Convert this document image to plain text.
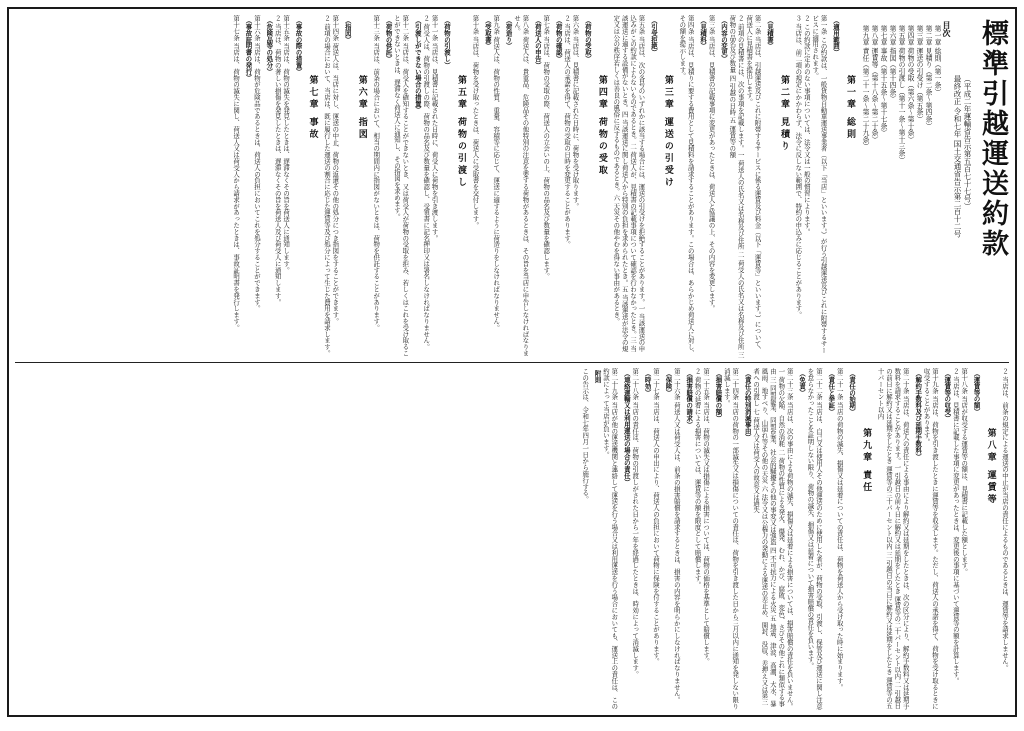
標準引越運送約款
（平成二年運輸省告示第五百七十七号）
最終改正 令和七年 国土交通省告示第二百十二号
目次
第一章 総則（第一条）
第二章 見積り（第二条～第四条）
第三章 運送の引受け（第五条）
第四章 荷物の受取（第六条～第十条）
第五章 荷物の引渡し（第十一条～第十三条）
第六章 指図（第十四条）
第七章 事故（第十五条～第十七条）
第八章 運賃等（第十八条～第二十条）
第九章 責任（第二十一条～第二十九条）
第一章 総則
（適用範囲）
第一条 この約款は、一般貨物自動車運送事業者（以下「当店」といいます。）が行う引越運送及びこれに附帯するサービスに適用されます。
２ この約款に定めのない事項については、法令又は一般の慣習によります。
３ 当店は、前二項の規定にかかわらず、法令に反しない範囲で、特約の申込みに応じることがあります。
第二章 見積り
（見積書）
第二条 当店は、引越運送及びこれに附帯するサービスに係る運賃及び料金（以下「運賃等」といいます。）について、荷送人に見積書を提出します。
２ 前項の見積書には、次の事項を記載します。一 荷送人の氏名又は名称及び住所 二 荷受人の氏名又は名称及び住所 三 荷物の品名及び数量 四 引越の日時 五 運賃等の額
（内容の変更）
第三条 当店は、見積書の記載事項に変更があったときは、荷送人と協議の上、その内容を変更します。
（見積料）
第四条 当店は、見積りに要する費用として見積料を請求することがあります。この場合は、あらかじめ荷送人に対し、その額を提示します。
第三章 運送の引受け
（引受拒絶）
第五条 当店は、次の各号のいずれかに該当する場合には、運送の引受けを拒絶することがあります。一 当該運送の申込みがこの約款によらないものであるとき。二 荷送人が、見積書の記載事項について確認を行わなかったとき。三 当該運送に適する設備がないとき。四 当該運送に関し荷送人から特別の負担を求められたとき。五 当該運送が法令の規定又は公の秩序若しくは善良の風俗に反するものであるとき。六 天災その他やむを得ない事由があるとき。
第四章 荷物の受取
（荷物の受取）
第六条 当店は、見積書に記載された日時に、荷物を受け取ります。
２ 当店は、荷送人の承諾を得て、荷物の受取の日時を変更することがあります。
（荷物の確認）
第七条 当店は、荷物の受取の際、荷送人の立会いの上、荷物の品名及び数量を確認します。
（荷送人の申告）
第八条 荷送人は、貴重品、危険品その他特別の注意を要する荷物があるときは、その旨を当店に申告しなければなりません。
（荷造り）
第九条 荷送人は、荷物の性質、重量、容積等に応じて、運送に適するように荷造りをしなければなりません。
（受取書）
第十条 当店は、荷物を受け取ったときは、荷送人に受取書を交付します。
第五章 荷物の引渡し
（荷物の引渡し）
第十一条 当店は、見積書に記載された日時に、荷受人に荷物を引き渡します。
２ 荷受人は、荷物の引渡しの際、荷物の品名及び数量を確認し、受領書に記名押印又は署名しなければなりません。
（引渡しができない場合の措置）
第十二条 当店は、荷受人を確知することができないとき、又は荷受人が荷物の受取を拒み、若しくはこれを受け取ることができないときは、遅滞なく荷送人に通知し、その指図を求めます。
（荷物の供託）
第十三条 当店は、前条の場合において、相当の期間内に指図がないときは、荷物を供託することがあります。
第六章 指図
（指図）
第十四条 荷送人は、当店に対し、運送の中止、荷物の返還その他の処分につき指図をすることができます。
２ 前項の場合において、当店は、既に履行した運送の割合に応じた運賃等及び処分によって生じた費用を請求します。
第七章 事故
（事故の際の措置）
第十五条 当店は、荷物の滅失を発見したときは、遅滞なくその旨を荷送人に通知します。
２ 当店は、荷物の著しい損傷を発見したときは、遅滞なくその旨を荷送人及び荷受人に通知します。
（危険品等の処分）
第十六条 当店は、荷物が危険品であるときは、荷送人の負担においてこれを処分することができます。
（事故証明書の発行）
第十七条 当店は、荷物の滅失に関し、荷送人又は荷受人から請求があったときは、事故証明書を発行します。
２ 当店は、前条の規定による運送の中止が当店の責任によるものであるときは、運賃等を請求しません。
第八章 運賃等
（運賃等の額）
第十八条 当店が収受する運賃等の額は、見積書に記載した額とします。
２ 当店は、見積書に記載した事項に変更があったときは、変更後の事項に基づいて運賃等の額を計算します。
（運賃等の収受）
第十九条 当店は、荷物を引き渡したときに運賃等を収受します。ただし、荷送人の承諾を得て、荷物を受け取るときに収受することがあります。
（解約手数料及び延期手数料）
第二十条 当店は、荷送人の責任による事由により解約又は延期をしたときは、次の区分により、解約手数料又は延期手数料を請求することがあります。一 引越日の前々日に解約又は延期をしたとき 運賃等の二十パーセント以内 二 引越日の前日に解約又は延期をしたとき 運賃等の三十パーセント以内 三 引越日の当日に解約又は延期をしたとき 運賃等の五十パーセント以内
第九章 責任
（責任の始期）
第二十一条 当店の荷物の滅失、損傷又は延着についての責任は、荷物を荷送人から受け取った時に始まります。
（責任と挙証）
第二十二条 当店は、自己又は使用人その他運送のために使用した者が、荷物の受取、引渡し、保管及び運送に関し注意を怠らなかったことを証明しない限り、荷物の滅失、損傷又は延着について損害賠償の責任を負います。
（免責）
第二十三条 当店は、次の事由による荷物の滅失、損傷又は延着による損害については、損害賠償の責任を負いません。一 荷物の欠陥、自然の消耗 二 荷物の性質による発火、爆発、むれ、かび、腐敗、変色、さびその他これに類似する事由 三 同盟罷業、同盟怠業、社会的騒擾その他の事変又は強盗 四 不可抗力による火災 五 地震、津波、高潮、大水、暴風雨、地すべり、山崩れ等その他の天災 六 法令又は公権力の発動による運送の差止め、開封、没収、差押え又は第三者への引渡し 七 荷送人又は荷受人の故意又は過失
（責任の特別消滅事由）
第二十四条 当店の荷物の一部滅失又は損傷についての責任は、荷物を引き渡した日から三月以内に通知を発しない限り消滅します。
（損害賠償の額）
第二十五条 当店は、荷物の滅失又は損傷による損害については、荷物の価格を基準として賠償します。
２ 荷物の延着による損害については、運賃等の額を限度として賠償します。
（損害賠償の請求）
第二十六条 荷送人又は荷受人は、前条の損害賠償を請求するときは、損害の内容を明らかにしなければなりません。
（保険）
第二十七条 当店は、荷送人の申出により、荷送人の負担において荷物に保険を付することがあります。
（時効）
第二十八条 当店の責任は、荷物の引渡しがされた日から一年を経過したときは、時効によって消滅します。
（連絡運輸又は利用運送の場合の責任）
第二十九条 当店が他の運送機関と連絡して運送を行う場合又は利用運送を行う場合においても、運送上の責任は、この約款によって当店が負います。
附則
この告示は、令和七年四月一日から施行する。
